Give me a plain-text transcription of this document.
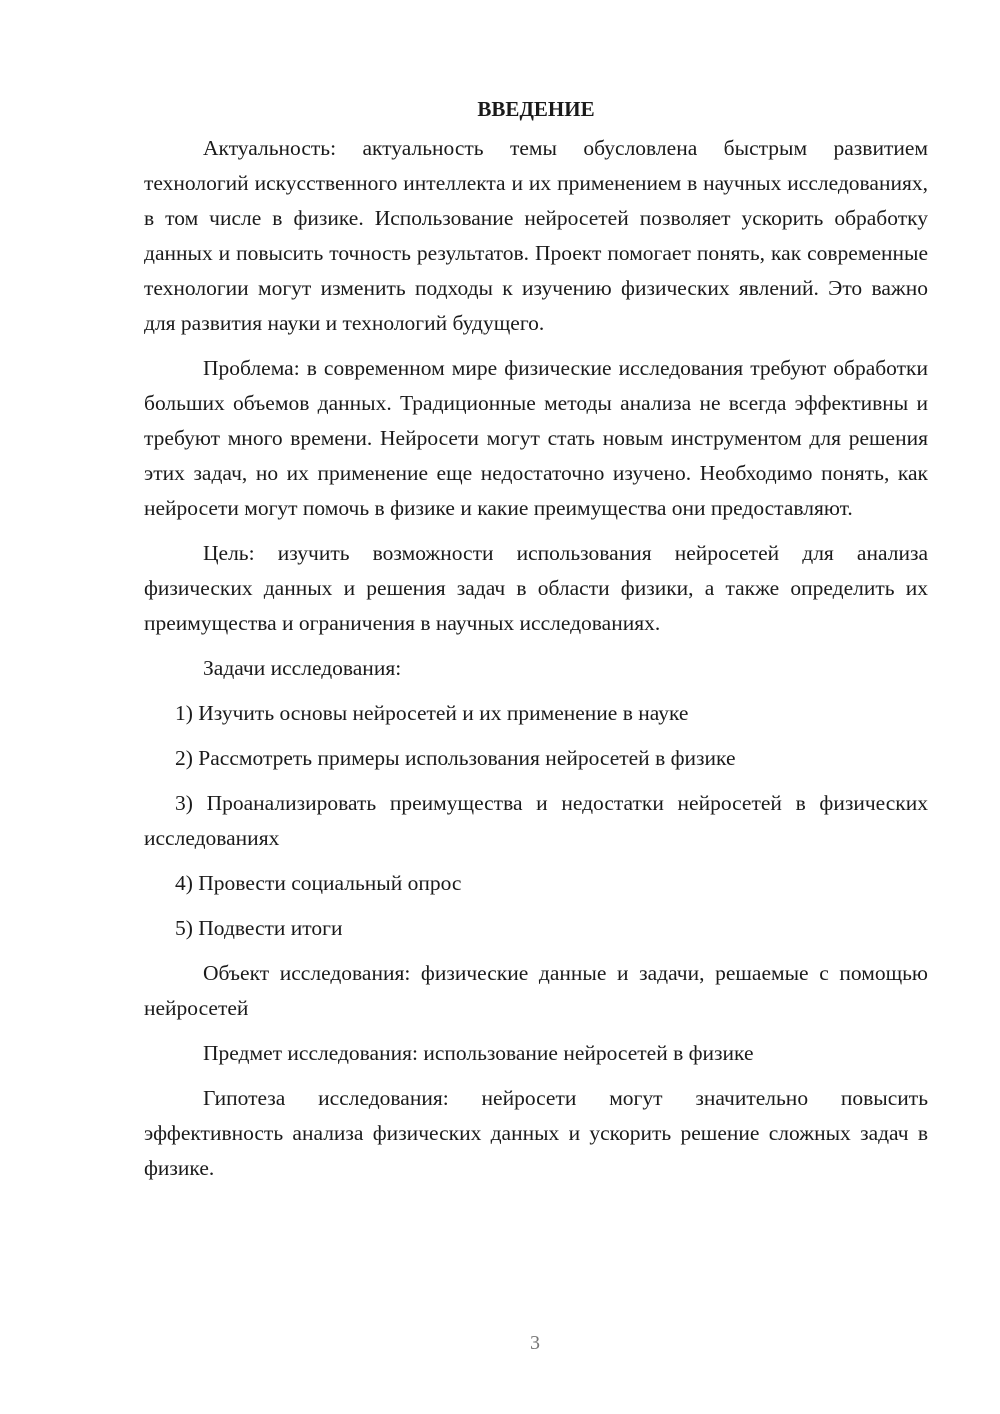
ВВЕДЕНИЕ

Актуальность: актуальность темы обусловлена быстрым развитием технологий искусственного интеллекта и их применением в научных исследованиях, в том числе в физике. Использование нейросетей позволяет ускорить обработку данных и повысить точность результатов. Проект помогает понять, как современные технологии могут изменить подходы к изучению физических явлений. Это важно для развития науки и технологий будущего.

Проблема: в современном мире физические исследования требуют обработки больших объемов данных. Традиционные методы анализа не всегда эффективны и требуют много времени. Нейросети могут стать новым инструментом для решения этих задач, но их применение еще недостаточно изучено. Необходимо понять, как нейросети могут помочь в физике и какие преимущества они предоставляют.

Цель: изучить возможности использования нейросетей для анализа физических данных и решения задач в области физики, а также определить их преимущества и ограничения в научных исследованиях.

Задачи исследования:

1) Изучить основы нейросетей и их применение в науке

2) Рассмотреть примеры использования нейросетей в физике

3) Проанализировать преимущества и недостатки нейросетей в физических исследованиях

4) Провести социальный опрос

5) Подвести итоги

Объект исследования: физические данные и задачи, решаемые с помощью нейросетей

Предмет исследования: использование нейросетей в физике

Гипотеза исследования: нейросети могут значительно повысить эффективность анализа физических данных и ускорить решение сложных задач в физике.

3
